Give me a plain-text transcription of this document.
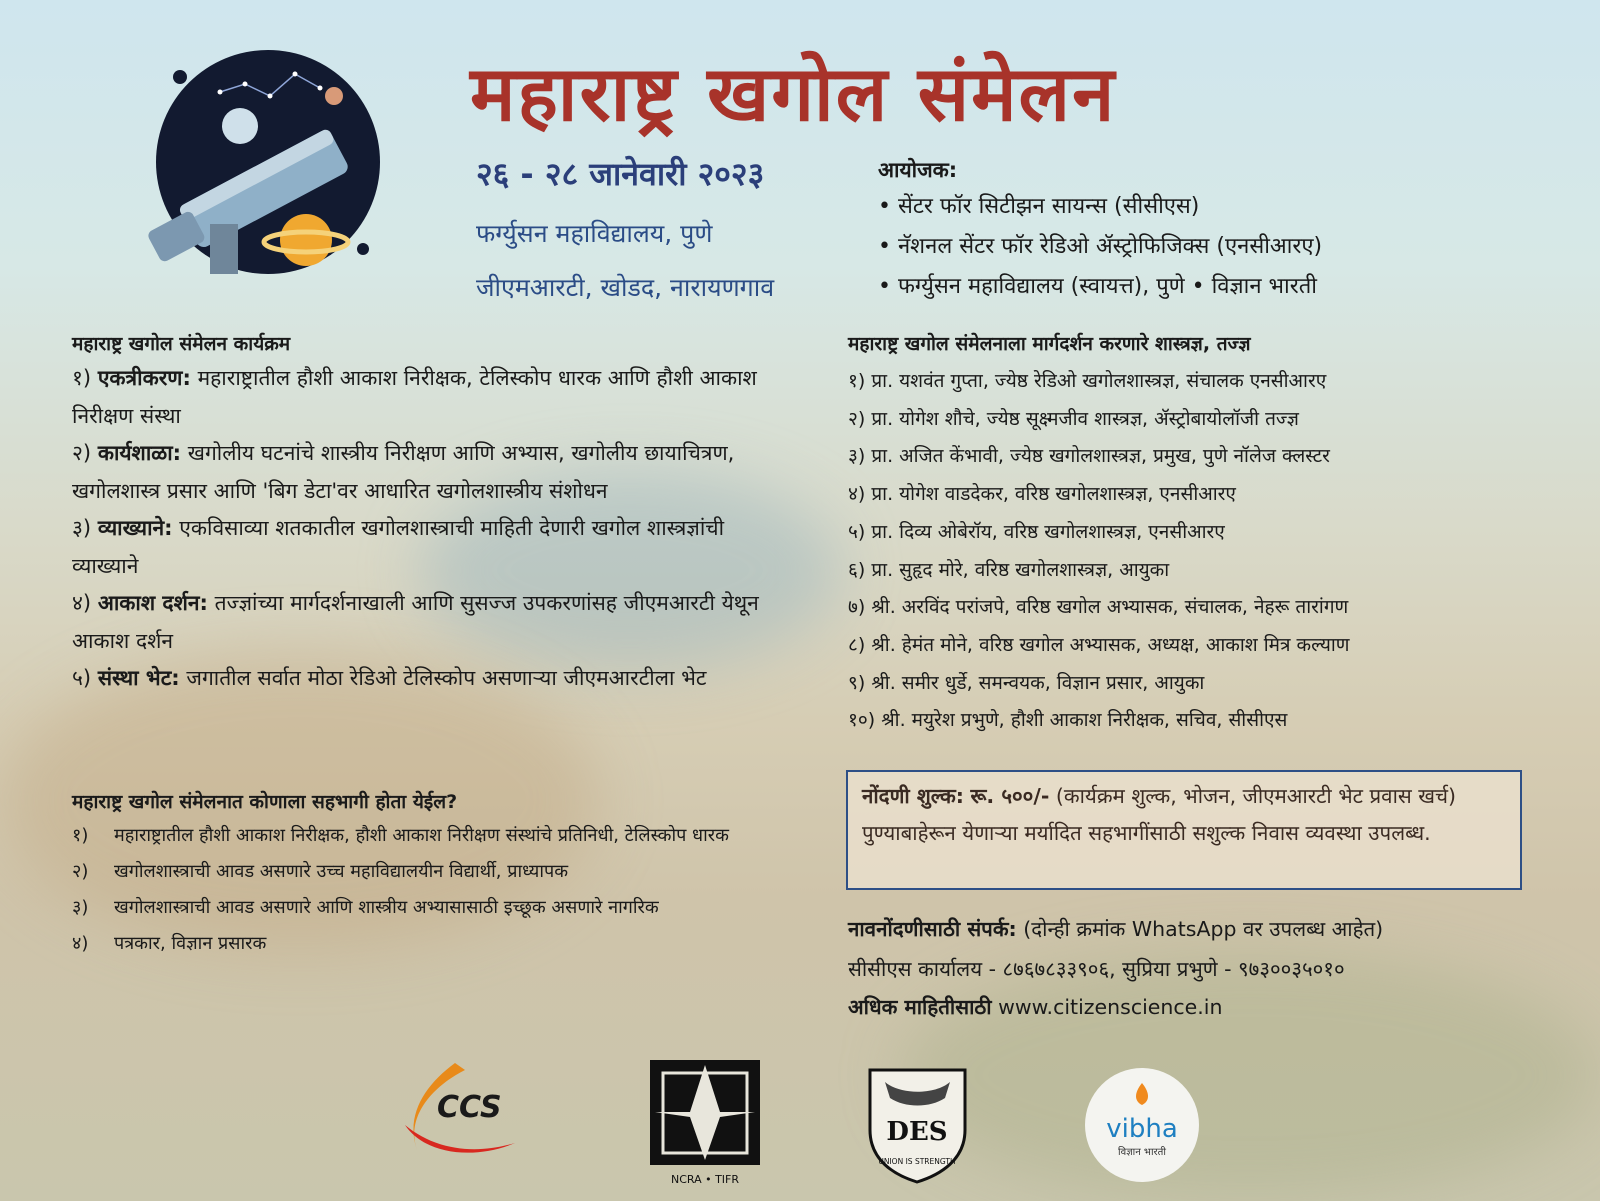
महाराष्ट्र खगोल संमेलन
२६ - २८ जानेवारी २०२३
फर्ग्युसन महाविद्यालय, पुणे
जीएमआरटी, खोडद, नारायणगाव
आयोजक:
• सेंटर फॉर सिटीझन सायन्स (सीसीएस)
• नॅशनल सेंटर फॉर रेडिओ ॲस्ट्रोफिजिक्स (एनसीआरए)
• फर्ग्युसन महाविद्यालय (स्वायत्त), पुणे • विज्ञान भारती
महाराष्ट्र खगोल संमेलन कार्यक्रम
१) एकत्रीकरण: महाराष्ट्रातील हौशी आकाश निरीक्षक, टेलिस्कोप धारक आणि हौशी आकाश निरीक्षण संस्था
२) कार्यशाळा: खगोलीय घटनांचे शास्त्रीय निरीक्षण आणि अभ्यास, खगोलीय छायाचित्रण, खगोलशास्त्र प्रसार आणि 'बिग डेटा'वर आधारित खगोलशास्त्रीय संशोधन
३) व्याख्याने: एकविसाव्या शतकातील खगोलशास्त्राची माहिती देणारी खगोल शास्त्रज्ञांची व्याख्याने
४) आकाश दर्शन: तज्ज्ञांच्या मार्गदर्शनाखाली आणि सुसज्ज उपकरणांसह जीएमआरटी येथून आकाश दर्शन
५) संस्था भेट: जगातील सर्वात मोठा रेडिओ टेलिस्कोप असणाऱ्या जीएमआरटीला भेट
महाराष्ट्र खगोल संमेलनात कोणाला सहभागी होता येईल?
१)	महाराष्ट्रातील हौशी आकाश निरीक्षक, हौशी आकाश निरीक्षण संस्थांचे प्रतिनिधी, टेलिस्कोप धारक
२)	खगोलशास्त्राची आवड असणारे उच्च महाविद्यालयीन विद्यार्थी, प्राध्यापक
३)	खगोलशास्त्राची आवड असणारे आणि शास्त्रीय अभ्यासासाठी इच्छूक असणारे नागरिक
४)	पत्रकार, विज्ञान प्रसारक
महाराष्ट्र खगोल संमेलनाला मार्गदर्शन करणारे शास्त्रज्ञ, तज्ज्ञ
१) प्रा. यशवंत गुप्ता, ज्येष्ठ रेडिओ खगोलशास्त्रज्ञ, संचालक एनसीआरए
२) प्रा. योगेश शौचे, ज्येष्ठ सूक्ष्मजीव शास्त्रज्ञ, ॲस्ट्रोबायोलॉजी तज्ज्ञ
३) प्रा. अजित केंभावी, ज्येष्ठ खगोलशास्त्रज्ञ, प्रमुख, पुणे नॉलेज क्लस्टर
४) प्रा. योगेश वाडदेकर, वरिष्ठ खगोलशास्त्रज्ञ, एनसीआरए
५) प्रा. दिव्य ओबेरॉय, वरिष्ठ खगोलशास्त्रज्ञ, एनसीआरए
६) प्रा. सुहृद मोरे, वरिष्ठ खगोलशास्त्रज्ञ, आयुका
७) श्री. अरविंद परांजपे, वरिष्ठ खगोल अभ्यासक, संचालक, नेहरू तारांगण
८) श्री. हेमंत मोने, वरिष्ठ खगोल अभ्यासक, अध्यक्ष, आकाश मित्र कल्याण
९) श्री. समीर धुर्डे, समन्वयक, विज्ञान प्रसार, आयुका
१०) श्री. मयुरेश प्रभुणे, हौशी आकाश निरीक्षक, सचिव, सीसीएस
नोंदणी शुल्क: रू. ५००/- (कार्यक्रम शुल्क, भोजन, जीएमआरटी भेट प्रवास खर्च) पुण्याबाहेरून येणाऱ्या मर्यादित सहभागींसाठी सशुल्क निवास व्यवस्था उपलब्ध.
नावनोंदणीसाठी संपर्क: (दोन्ही क्रमांक WhatsApp वर उपलब्ध आहेत)
सीसीएस कार्यालय - ८७६७८३३९०६, सुप्रिया प्रभुणे - ९७३००३५०१०
अधिक माहितीसाठी www.citizenscience.in
CCS
NCRA • TIFR
DES
UNION IS STRENGTH
vibha
विज्ञान भारती
